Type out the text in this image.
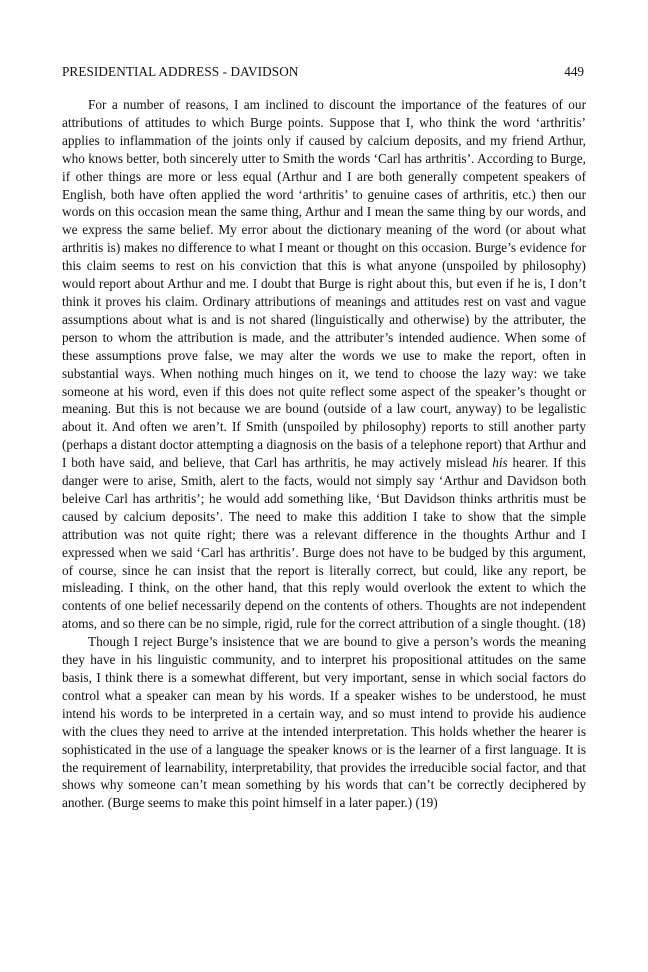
PRESIDENTIAL ADDRESS - DAVIDSON	449

For a number of reasons, I am inclined to discount the importance of the features of our attributions of attitudes to which Burge points. Suppose that I, who think the word ‘arthritis’ applies to inflammation of the joints only if caused by calcium deposits, and my friend Arthur, who knows better, both sincerely utter to Smith the words ‘Carl has arthritis’. According to Burge, if other things are more or less equal (Arthur and I are both generally competent speakers of English, both have often applied the word ‘arthritis’ to genuine cases of arthritis, etc.) then our words on this occasion mean the same thing, Arthur and I mean the same thing by our words, and we express the same belief. My error about the dictionary meaning of the word (or about what arthritis is) makes no difference to what I meant or thought on this occasion. Burge’s evidence for this claim seems to rest on his conviction that this is what anyone (unspoiled by philosophy) would report about Arthur and me. I doubt that Burge is right about this, but even if he is, I don’t think it proves his claim. Ordinary attributions of meanings and attitudes rest on vast and vague assumptions about what is and is not shared (linguistically and otherwise) by the attributer, the person to whom the attribution is made, and the attributer’s intended audience. When some of these assumptions prove false, we may alter the words we use to make the report, often in substantial ways. When nothing much hinges on it, we tend to choose the lazy way: we take someone at his word, even if this does not quite reflect some aspect of the speaker’s thought or meaning. But this is not because we are bound (outside of a law court, anyway) to be legalistic about it. And often we aren’t. If Smith (unspoiled by philosophy) reports to still another party (perhaps a distant doctor attempting a diagnosis on the basis of a telephone report) that Arthur and I both have said, and believe, that Carl has arthritis, he may actively mislead his hearer. If this danger were to arise, Smith, alert to the facts, would not simply say ‘Arthur and Davidson both beleive Carl has arthritis’; he would add something like, ‘But Davidson thinks arthritis must be caused by calcium deposits’. The need to make this addition I take to show that the simple attribution was not quite right; there was a relevant difference in the thoughts Arthur and I expressed when we said ‘Carl has arthritis’. Burge does not have to be budged by this argument, of course, since he can insist that the report is literally correct, but could, like any report, be misleading. I think, on the other hand, that this reply would overlook the extent to which the contents of one belief necessarily depend on the contents of others. Thoughts are not independent atoms, and so there can be no simple, rigid, rule for the correct attribution of a single thought. (18)

Though I reject Burge’s insistence that we are bound to give a person’s words the meaning they have in his linguistic community, and to interpret his propositional attitudes on the same basis, I think there is a somewhat different, but very important, sense in which social factors do control what a speaker can mean by his words. If a speaker wishes to be understood, he must intend his words to be interpreted in a certain way, and so must intend to provide his audience with the clues they need to arrive at the intended interpretation. This holds whether the hearer is sophisticated in the use of a language the speaker knows or is the learner of a first language. It is the requirement of learnability, interpretability, that provides the irreducible social factor, and that shows why someone can’t mean something by his words that can’t be correctly deciphered by another. (Burge seems to make this point himself in a later paper.) (19)
